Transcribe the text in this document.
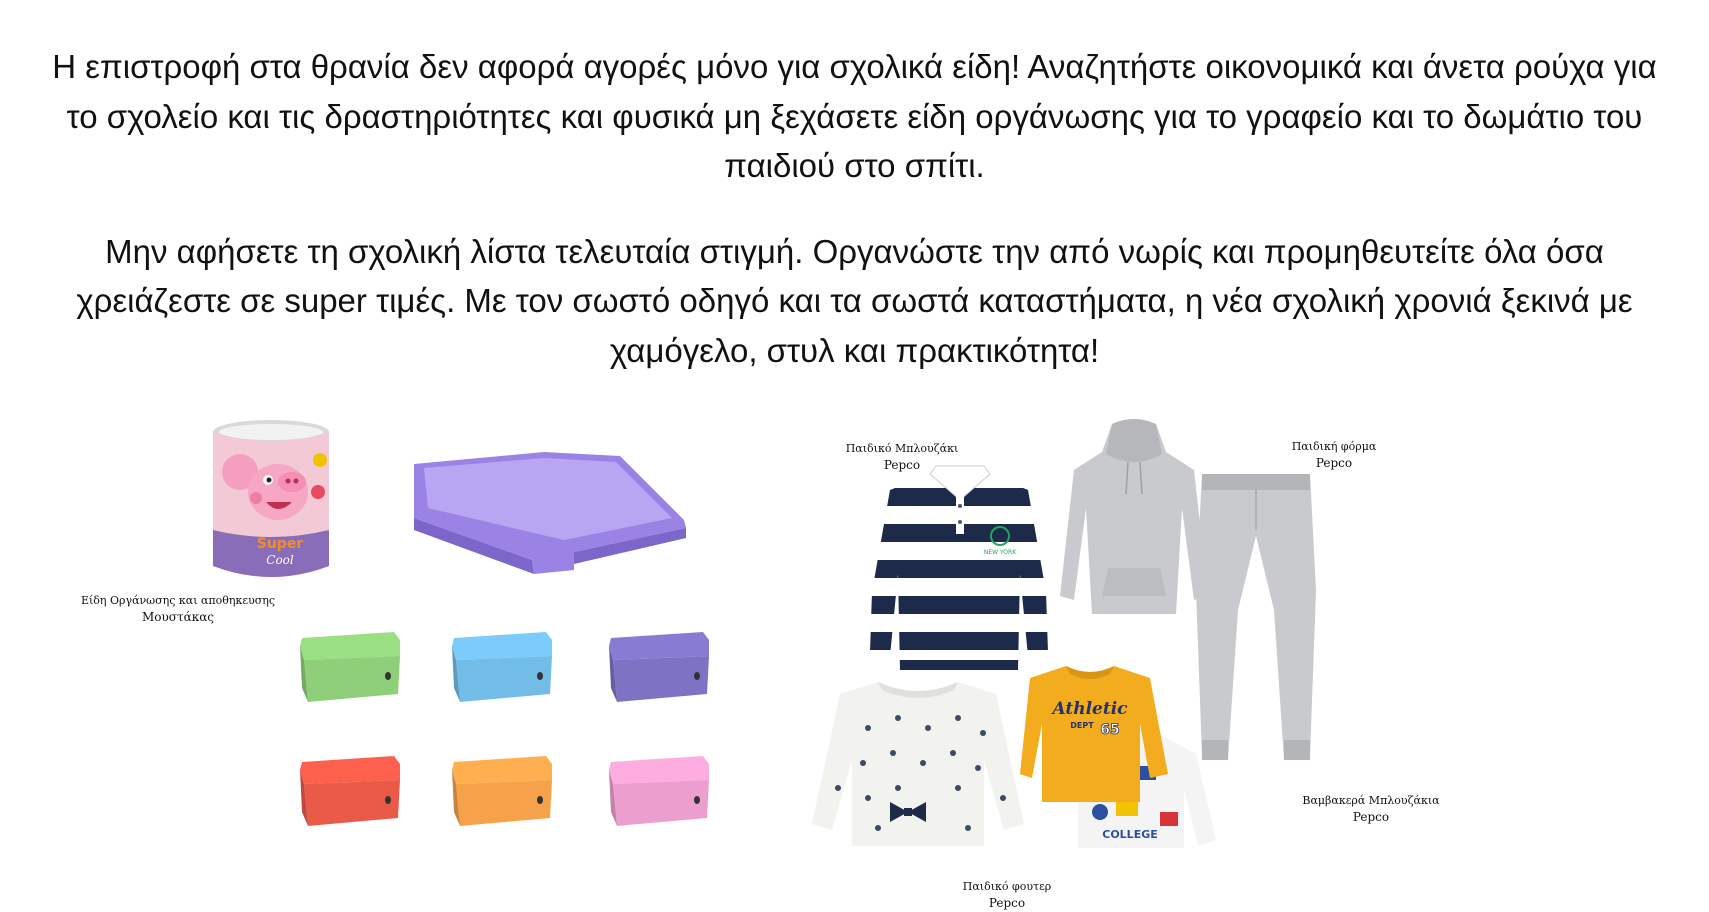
Η επιστροφή στα θρανία δεν αφορά αγορές μόνο για σχολικά είδη! Αναζητήστε οικονομικά και άνετα ρούχα για το σχολείο και τις δραστηριότητες και φυσικά μη ξεχάσετε είδη οργάνωσης για το γραφείο και το δωμάτιο του παιδιού στο σπίτι.

Μην αφήσετε τη σχολική λίστα τελευταία στιγμή. Οργανώστε την από νωρίς και προμηθευτείτε όλα όσα χρειάζεστε σε super τιμές. Με τον σωστό οδηγό και τα σωστά καταστήματα, η νέα σχολική χρονιά ξεκινά με χαμόγελο, στυλ και πρακτικότητα!

Super
Cool
Είδη Οργάνωσης και αποθηκευσης
Μουστάκας
Παιδικό Μπλουζάκι
Pepco
NEW YORK
Παιδική φόρμα
Pepco
COLLEGE
Athletic
DEPT 65
Βαμβακερά Μπλουζάκια
Pepco
Παιδικό φουτερ
Pepco
